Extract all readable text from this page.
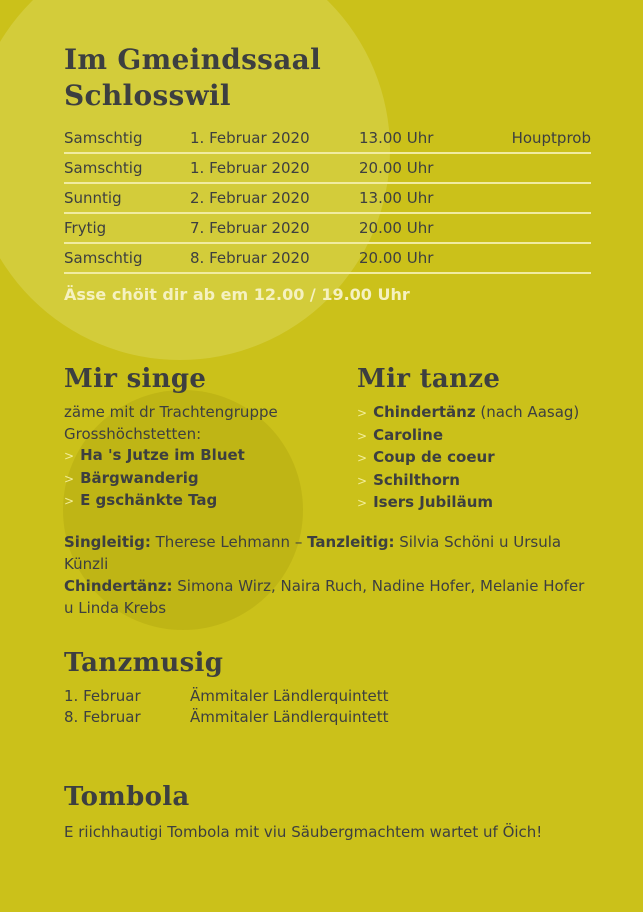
Im Gmeindssaal
Schlosswil
Samschtig	1. Februar 2020	13.00 Uhr	Houptprob
Samschtig	1. Februar 2020	20.00 Uhr
Sunntig	2. Februar 2020	13.00 Uhr
Frytig	7. Februar 2020	20.00 Uhr
Samschtig	8. Februar 2020	20.00 Uhr
Ässe chöit dir ab em 12.00 / 19.00 Uhr
Mir singe

zäme mit dr Trachtengruppe

Grosshöchstetten:

> Ha 's Jutze im Bluet
> Bärgwanderig
> E gschänkte Tag
Mir tanze
> Chindertänz (nach Aasag)
> Caroline
> Coup de coeur
> Schilthorn
> Isers Jubiläum
Singleitig: Therese Lehmann – Tanzleitig: Silvia Schöni u Ursula Künzli
Chindertänz: Simona Wirz, Naira Ruch, Nadine Hofer, Melanie Hofer u Linda Krebs
Tanzmusig
1. Februar	Ämmitaler Ländlerquintett
8. Februar	Ämmitaler Ländlerquintett
Tombola

E riichhautigi Tombola mit viu Säubergmachtem wartet uf Öich!
